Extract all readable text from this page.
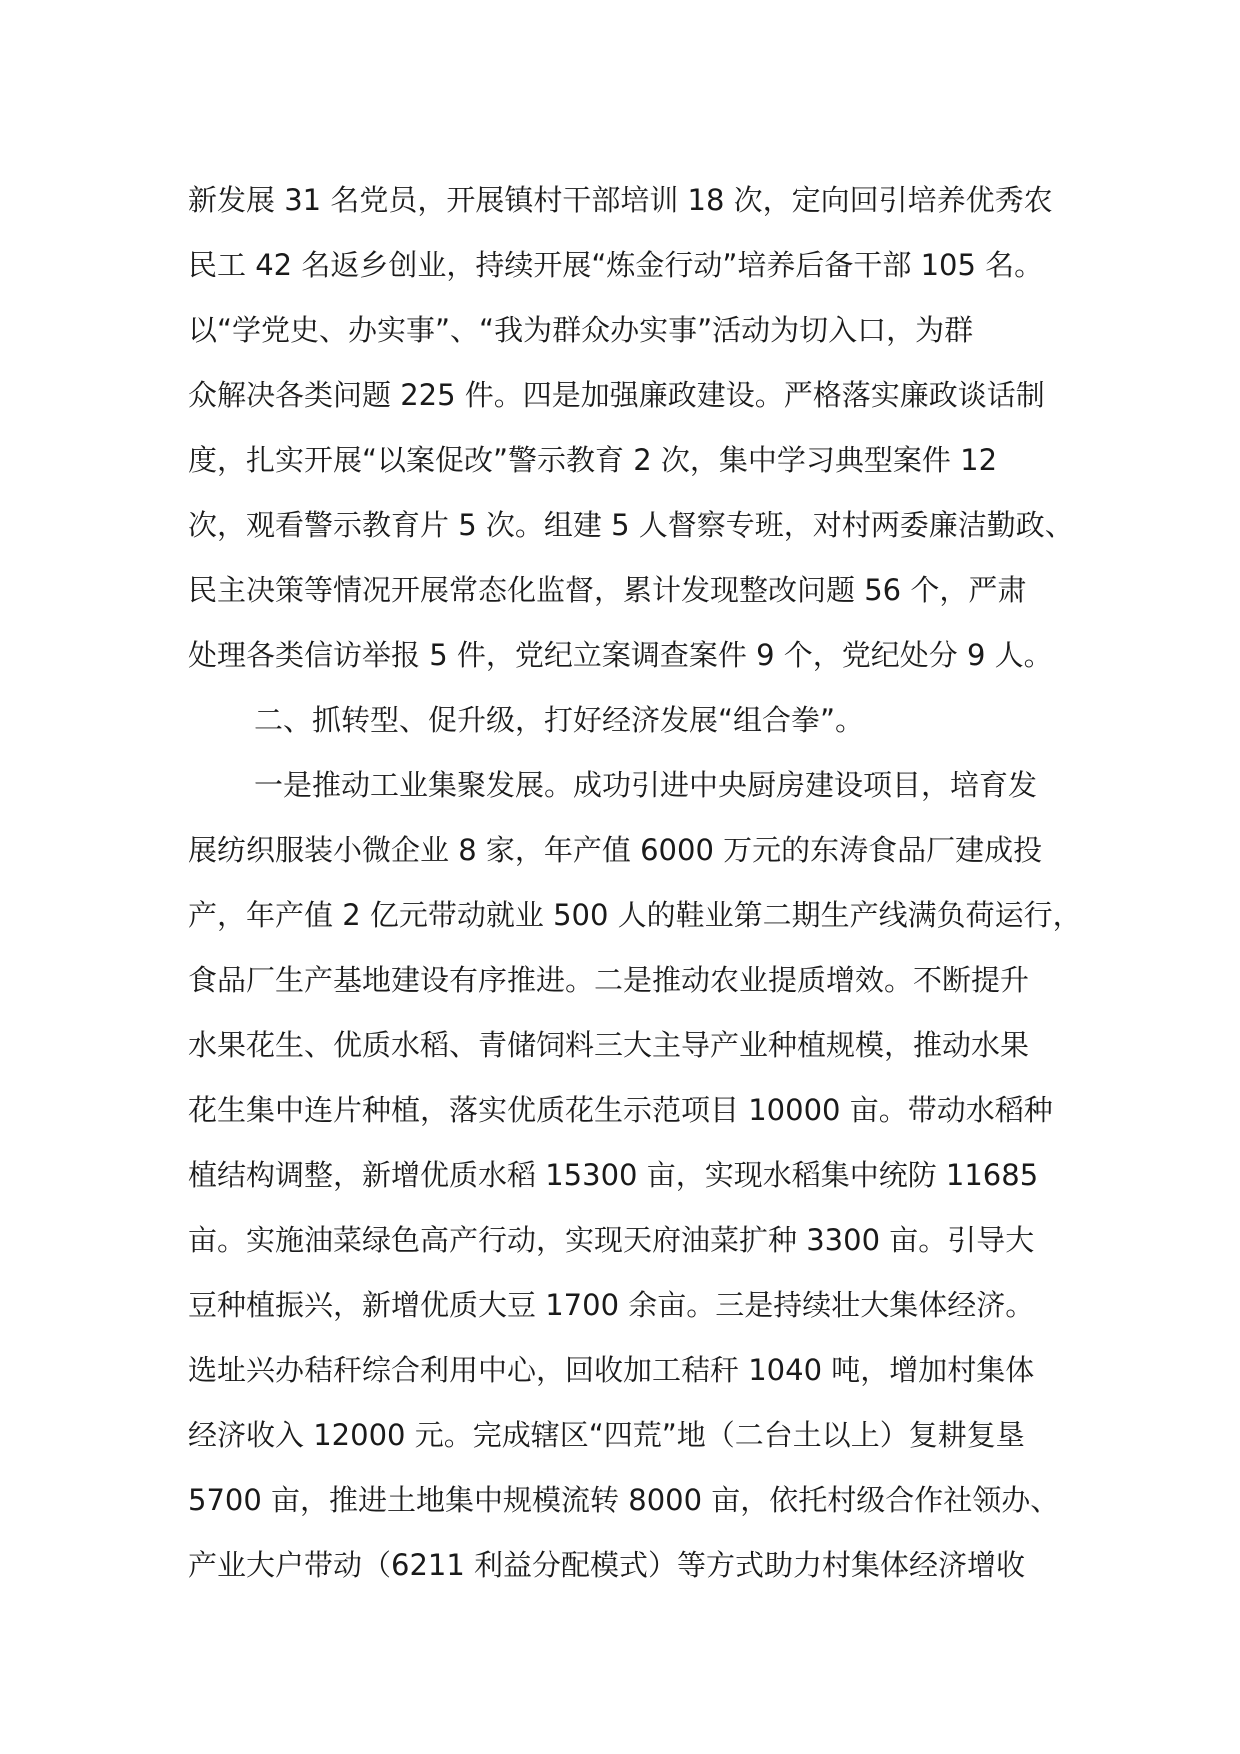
新发展 31 名党员，开展镇村干部培训 18 次，定向回引培养优秀农
民工 42 名返乡创业，持续开展“炼金行动”培养后备干部 105 名。
以“学党史、办实事”、“我为群众办实事”活动为切入口，为群
众解决各类问题 225 件。四是加强廉政建设。严格落实廉政谈话制
度，扎实开展“以案促改”警示教育 2 次，集中学习典型案件 12
次，观看警示教育片 5 次。组建 5 人督察专班，对村两委廉洁勤政、
民主决策等情况开展常态化监督，累计发现整改问题 56 个，严肃
处理各类信访举报 5 件，党纪立案调查案件 9 个，党纪处分 9 人。
二、抓转型、促升级，打好经济发展“组合拳”。
一是推动工业集聚发展。成功引进中央厨房建设项目，培育发
展纺织服装小微企业 8 家，年产值 6000 万元的东涛食品厂建成投
产，年产值 2 亿元带动就业 500 人的鞋业第二期生产线满负荷运行，
食品厂生产基地建设有序推进。二是推动农业提质增效。不断提升
水果花生、优质水稻、青储饲料三大主导产业种植规模，推动水果
花生集中连片种植，落实优质花生示范项目 10000 亩。带动水稻种
植结构调整，新增优质水稻 15300 亩，实现水稻集中统防 11685
亩。实施油菜绿色高产行动，实现天府油菜扩种 3300 亩。引导大
豆种植振兴，新增优质大豆 1700 余亩。三是持续壮大集体经济。
选址兴办秸秆综合利用中心，回收加工秸秆 1040 吨，增加村集体
经济收入 12000 元。完成辖区“四荒”地（二台土以上）复耕复垦
5700 亩，推进土地集中规模流转 8000 亩，依托村级合作社领办、
产业大户带动（6211 利益分配模式）等方式助力村集体经济增收
